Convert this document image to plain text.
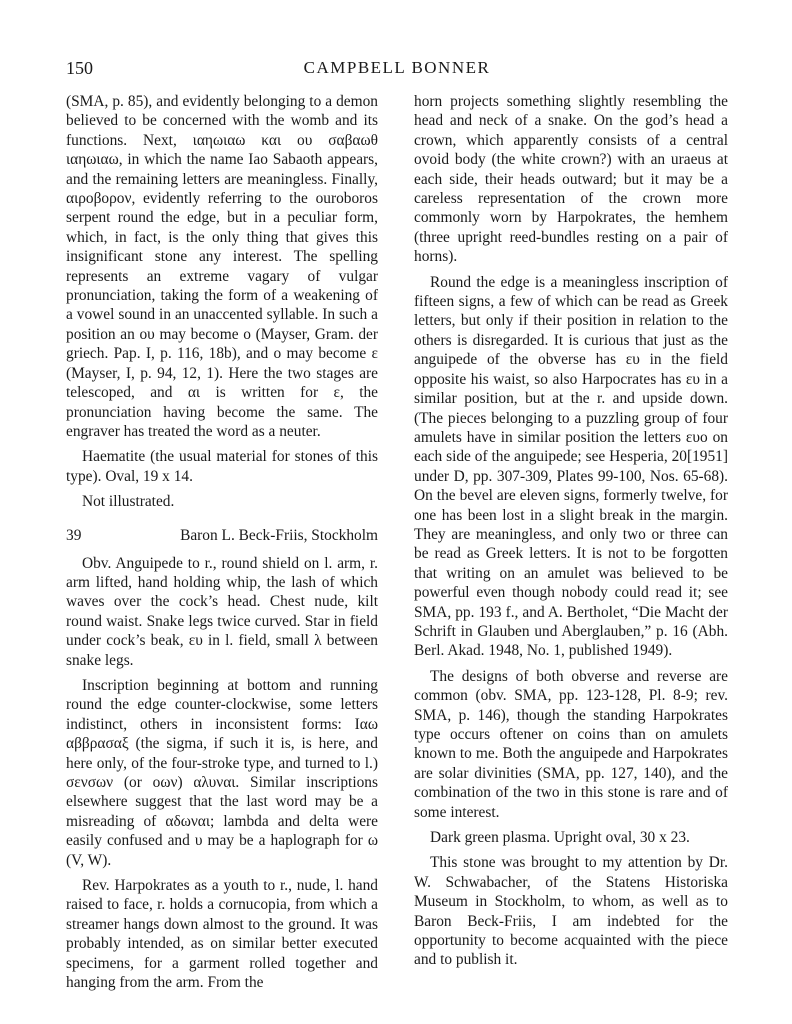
150	CAMPBELL BONNER

(SMA, p. 85), and evidently belonging to a demon believed to be concerned with the womb and its functions. Next, ιαηωιαω και ου σαβαωθ ιαηωιαω, in which the name Iao Sabaoth appears, and the remaining letters are meaningless. Finally, αιροβορον, evidently referring to the ouroboros serpent round the edge, but in a peculiar form, which, in fact, is the only thing that gives this insignificant stone any interest. The spelling represents an extreme vagary of vulgar pronunciation, taking the form of a weakening of a vowel sound in an unaccented syllable. In such a position an ου may become ο (Mayser, Gram. der griech. Pap. I, p. 116, 18b), and ο may become ε (Mayser, I, p. 94, 12, 1). Here the two stages are telescoped, and αι is written for ε, the pronunciation having become the same. The engraver has treated the word as a neuter.

Haematite (the usual material for stones of this type). Oval, 19 x 14.

Not illustrated.

39	Baron L. Beck-Friis, Stockholm

Obv. Anguipede to r., round shield on l. arm, r. arm lifted, hand holding whip, the lash of which waves over the cock’s head. Chest nude, kilt round waist. Snake legs twice curved. Star in field under cock’s beak, ευ in l. field, small λ between snake legs.

Inscription beginning at bottom and running round the edge counter-clockwise, some letters indistinct, others in inconsistent forms: Ιαω αββρασαξ (the sigma, if such it is, is here, and here only, of the four-stroke type, and turned to l.) σενσων (or οων) αλυναι. Similar inscriptions elsewhere suggest that the last word may be a misreading of αδωναι; lambda and delta were easily confused and υ may be a haplograph for ω (V, W).

Rev. Harpokrates as a youth to r., nude, l. hand raised to face, r. holds a cornucopia, from which a streamer hangs down almost to the ground. It was probably intended, as on similar better executed specimens, for a garment rolled together and hanging from the arm. From the

horn projects something slightly resembling the head and neck of a snake. On the god’s head a crown, which apparently consists of a central ovoid body (the white crown?) with an uraeus at each side, their heads outward; but it may be a careless representation of the crown more commonly worn by Harpokrates, the hemhem (three upright reed-bundles resting on a pair of horns).

Round the edge is a meaningless inscription of fifteen signs, a few of which can be read as Greek letters, but only if their position in relation to the others is disregarded. It is curious that just as the anguipede of the obverse has ευ in the field opposite his waist, so also Harpocrates has ευ in a similar position, but at the r. and upside down. (The pieces belonging to a puzzling group of four amulets have in similar position the letters ευο on each side of the anguipede; see Hesperia, 20[1951] under D, pp. 307-309, Plates 99-100, Nos. 65-68). On the bevel are eleven signs, formerly twelve, for one has been lost in a slight break in the margin. They are meaningless, and only two or three can be read as Greek letters. It is not to be forgotten that writing on an amulet was believed to be powerful even though nobody could read it; see SMA, pp. 193 f., and A. Bertholet, “Die Macht der Schrift in Glauben und Aberglauben,” p. 16 (Abh. Berl. Akad. 1948, No. 1, published 1949).

The designs of both obverse and reverse are common (obv. SMA, pp. 123-128, Pl. 8-9; rev. SMA, p. 146), though the standing Harpokrates type occurs oftener on coins than on amulets known to me. Both the anguipede and Harpokrates are solar divinities (SMA, pp. 127, 140), and the combination of the two in this stone is rare and of some interest.

Dark green plasma. Upright oval, 30 x 23.

This stone was brought to my attention by Dr. W. Schwabacher, of the Statens Historiska Museum in Stockholm, to whom, as well as to Baron Beck-Friis, I am indebted for the opportunity to become acquainted with the piece and to publish it.
